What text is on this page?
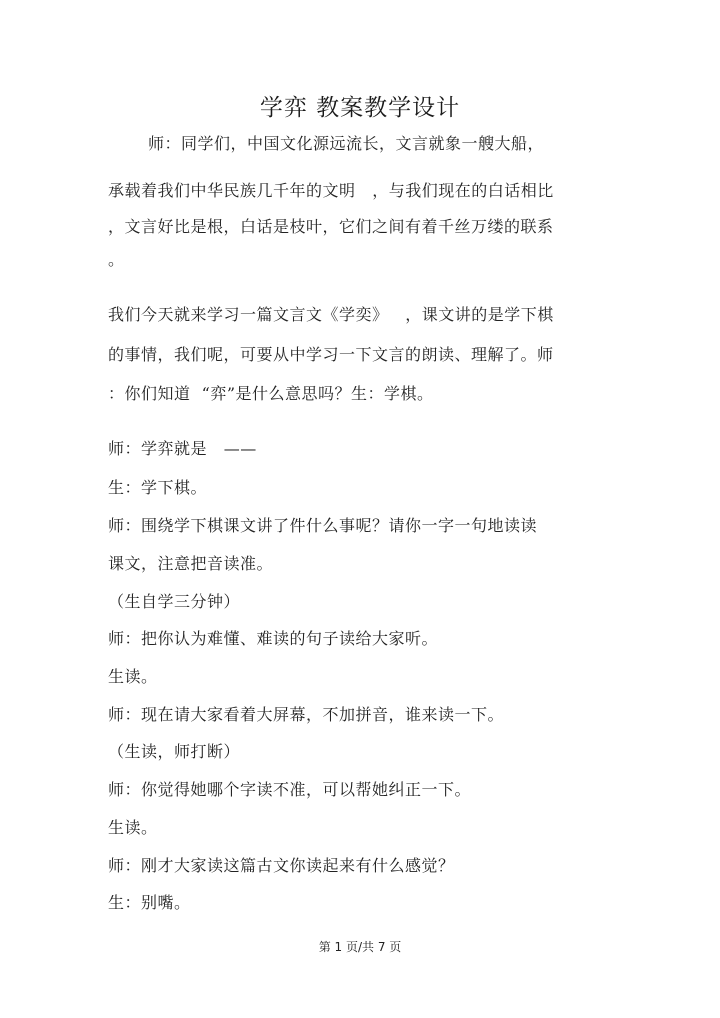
学弈 教案教学设计
师：同学们，中国文化源远流长，文言就象一艘大船，
承载着我们中华民族几千年的文明   ，与我们现在的白话相比
，文言好比是根，白话是枝叶，它们之间有着千丝万缕的联系
。
我们今天就来学习一篇文言文《学奕》   ，课文讲的是学下棋
的事情，我们呢，可要从中学习一下文言的朗读、理解了。师
：你们知道  “弈”是什么意思吗？生：学棋。
师：学弈就是   ——
生：学下棋。
师：围绕学下棋课文讲了件什么事呢？请你一字一句地读读
课文，注意把音读准。
（生自学三分钟）
师：把你认为难懂、难读的句子读给大家听。
生读。
师：现在请大家看着大屏幕，不加拼音，谁来读一下。
（生读，师打断）
师：你觉得她哪个字读不准，可以帮她纠正一下。
生读。
师：刚才大家读这篇古文你读起来有什么感觉？
生：别嘴。
第 1 页/共 7 页
